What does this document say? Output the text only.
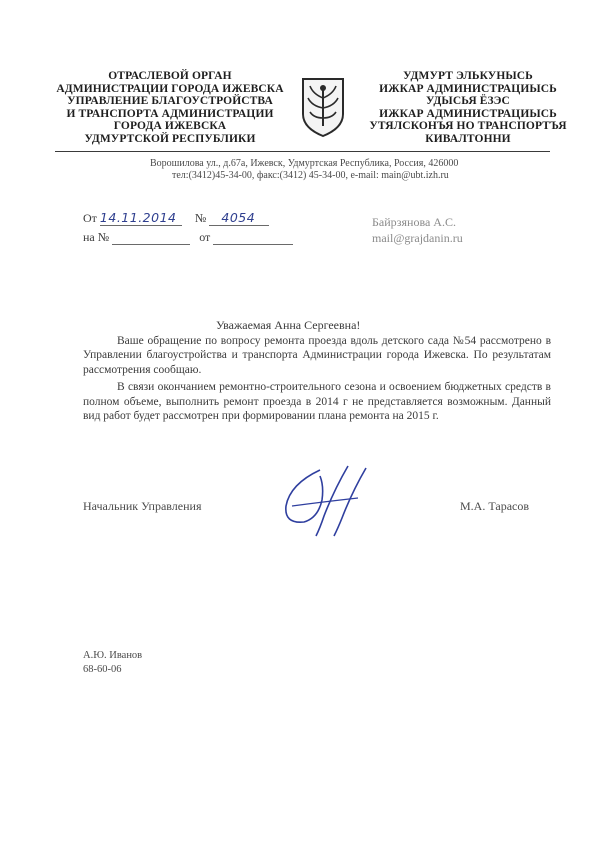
ОТРАСЛЕВОЙ ОРГАН
АДМИНИСТРАЦИИ ГОРОДА ИЖЕВСКА
УПРАВЛЕНИЕ БЛАГОУСТРОЙСТВА
И ТРАНСПОРТА АДМИНИСТРАЦИИ
ГОРОДА ИЖЕВСКА
УДМУРТСКОЙ РЕСПУБЛИКИ
УДМУРТ ЭЛЬКУНЫСЬ
ИЖКАР АДМИНИСТРАЦИЫСЬ
УДЫСЬЯ ЁЗЭС
ИЖКАР АДМИНИСТРАЦИЫСЬ
УТЯЛСКОНЪЯ НО ТРАНСПОРТЪЯ
КИВАЛТОННИ
Ворошилова ул., д.67а, Ижевск, Удмуртская Республика, Россия, 426000
тел:(3412)45-34-00, факс:(3412) 45-34-00, e-mail: main@ubt.izh.ru
От 14.11.2014 № 4054
на №	от
Байрзянова А.С.
mail@grajdanin.ru
Уважаемая Анна Сергеевна!

Ваше обращение по вопросу ремонта проезда вдоль детского сада №54 рассмотрено в Управлении благоустройства и транспорта Администрации города Ижевска. По результатам рассмотрения сообщаю.

В связи окончанием ремонтно-строительного сезона и освоением бюджетных средств в полном объеме, выполнить ремонт проезда в 2014 г не представляется возможным. Данный вид работ будет рассмотрен при формировании плана ремонта на 2015 г.

Начальник Управления	М.А. Тарасов
А.Ю. Иванов
68-60-06
